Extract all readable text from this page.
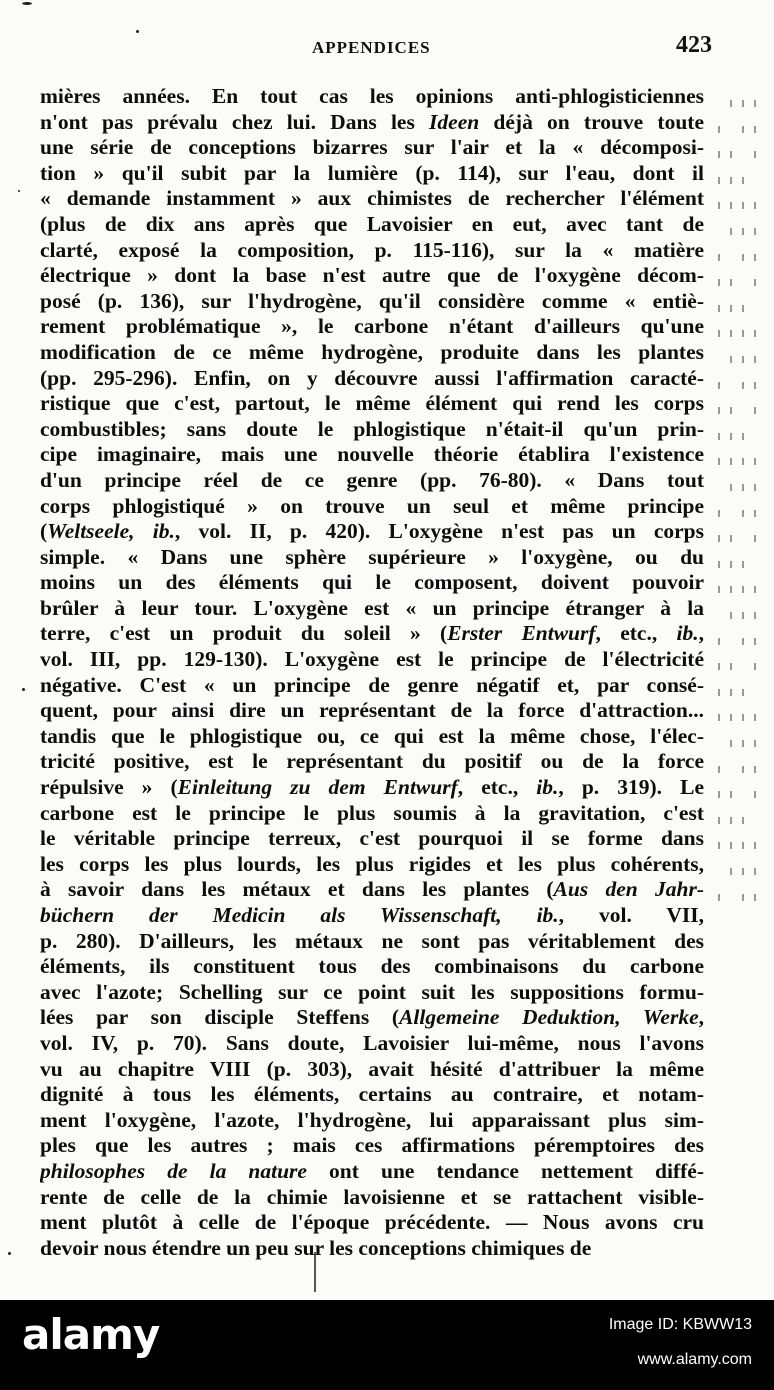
APPENDICES	423
mières années. En tout cas les opinions anti-phlogisticiennes
n'ont pas prévalu chez lui. Dans les Ideen déjà on trouve toute
une série de conceptions bizarres sur l'air et la « décomposi-
tion » qu'il subit par la lumière (p. 114), sur l'eau, dont il
« demande instamment » aux chimistes de rechercher l'élément
(plus de dix ans après que Lavoisier en eut, avec tant de
clarté, exposé la composition, p. 115-116), sur la « matière
électrique » dont la base n'est autre que de l'oxygène décom-
posé (p. 136), sur l'hydrogène, qu'il considère comme « entiè-
rement problématique », le carbone n'étant d'ailleurs qu'une
modification de ce même hydrogène, produite dans les plantes
(pp. 295-296). Enfin, on y découvre aussi l'affirmation caracté-
ristique que c'est, partout, le même élément qui rend les corps
combustibles; sans doute le phlogistique n'était-il qu'un prin-
cipe imaginaire, mais une nouvelle théorie établira l'existence
d'un principe réel de ce genre (pp. 76-80). « Dans tout
corps phlogistiqué » on trouve un seul et même principe
(Weltseele, ib., vol. II, p. 420). L'oxygène n'est pas un corps
simple. « Dans une sphère supérieure » l'oxygène, ou du
moins un des éléments qui le composent, doivent pouvoir
brûler à leur tour. L'oxygène est « un principe étranger à la
terre, c'est un produit du soleil » (Erster Entwurf, etc., ib.,
vol. III, pp. 129-130). L'oxygène est le principe de l'électricité
négative. C'est « un principe de genre négatif et, par consé-
quent, pour ainsi dire un représentant de la force d'attraction...
tandis que le phlogistique ou, ce qui est la même chose, l'élec-
tricité positive, est le représentant du positif ou de la force
répulsive » (Einleitung zu dem Entwurf, etc., ib., p. 319). Le
carbone est le principe le plus soumis à la gravitation, c'est
le véritable principe terreux, c'est pourquoi il se forme dans
les corps les plus lourds, les plus rigides et les plus cohérents,
à savoir dans les métaux et dans les plantes (Aus den Jahr-
büchern der Medicin als Wissenschaft, ib., vol. VII,
p. 280). D'ailleurs, les métaux ne sont pas véritablement des
éléments, ils constituent tous des combinaisons du carbone
avec l'azote; Schelling sur ce point suit les suppositions formu-
lées par son disciple Steffens (Allgemeine Deduktion, Werke,
vol. IV, p. 70). Sans doute, Lavoisier lui-même, nous l'avons
vu au chapitre VIII (p. 303), avait hésité d'attribuer la même
dignité à tous les éléments, certains au contraire, et notam-
ment l'oxygène, l'azote, l'hydrogène, lui apparaissant plus sim-
ples que les autres ; mais ces affirmations péremptoires des
philosophes de la nature ont une tendance nettement diffé-
rente de celle de la chimie lavoisienne et se rattachent visible-
ment plutôt à celle de l'époque précédente. — Nous avons cru
devoir nous étendre un peu sur les conceptions chimiques de
alamy	Image ID: KBWW13
www.alamy.com
